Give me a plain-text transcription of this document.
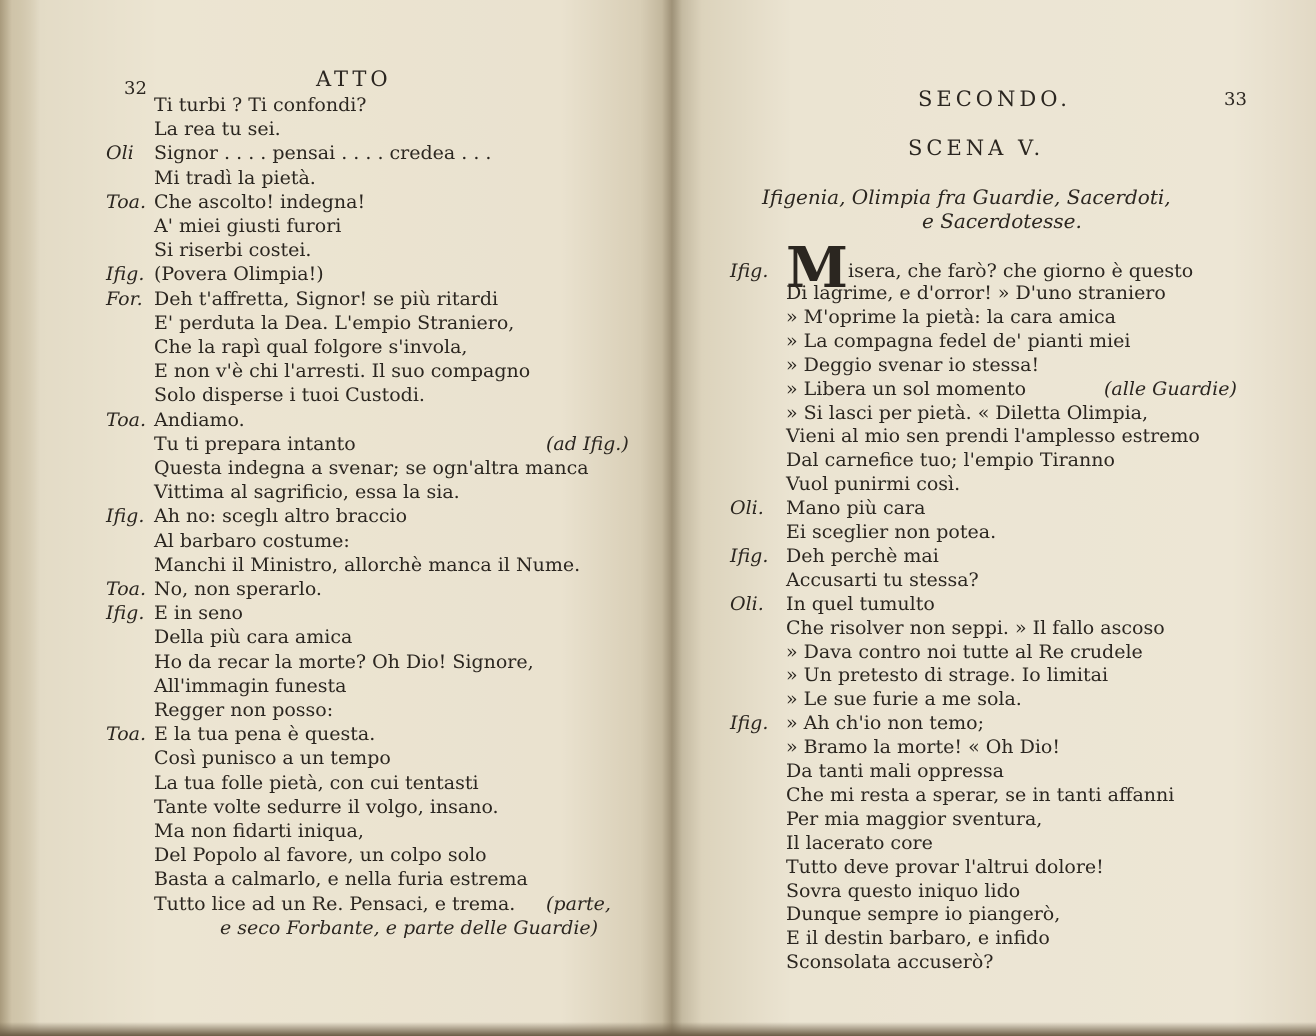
32	ATTO
Ti turbi ? Ti confondi?
La rea tu sei.
Oli Signor . . . . pensai . . . . credea . . .
Mi tradì la pietà.
Toa. Che ascolto! indegna!
A' miei giusti furori
Si riserbi costei.
Ifig. (Povera Olimpia!)
For. Deh t'affretta, Signor! se più ritardi
E' perduta la Dea. L'empio Straniero,
Che la rapì qual folgore s'invola,
E non v'è chi l'arresti. Il suo compagno
Solo disperse i tuoi Custodi.
Toa. Andiamo.
Tu ti prepara intanto	(ad Ifig.)
Questa indegna a svenar; se ogn'altra manca
Vittima al sagrificio, essa la sia.
Ifig. Ah no: sceglı altro braccio
Al barbaro costume:
Manchi il Ministro, allorchè manca il Nume.
Toa. No, non sperarlo.
Ifig. E in seno
Della più cara amica
Ho da recar la morte? Oh Dio! Signore,
All'immagin funesta
Regger non posso:
Toa. E la tua pena è questa.
Così punisco a un tempo
La tua folle pietà, con cui tentasti
Tante volte sedurre il volgo, insano.
Ma non fidarti iniqua,
Del Popolo al favore, un colpo solo
Basta a calmarlo, e nella furia estrema
Tutto lice ad un Re. Pensaci, e trema. (parte,
e seco Forbante, e parte delle Guardie)
SECONDO.	33
SCENA V.
Ifigenia, Olimpia fra Guardie, Sacerdoti,
e Sacerdotesse.
Ifig. Misera, che farò? che giorno è questo
Di lagrime, e d'orror! » D'uno straniero
» M'oprime la pietà: la cara amica
» La compagna fedel de' pianti miei
» Deggio svenar io stessa!
» Libera un sol momento	(alle Guardie)
» Si lasci per pietà. « Diletta Olimpia,
Vieni al mio sen prendi l'amplesso estremo
Dal carnefice tuo; l'empio Tiranno
Vuol punirmi così.
Oli. Mano più cara
Ei sceglier non potea.
Ifig. Deh perchè mai
Accusarti tu stessa?
Oli. In quel tumulto
Che risolver non seppi. » Il fallo ascoso
» Dava contro noi tutte al Re crudele
» Un pretesto di strage. Io limitai
» Le sue furie a me sola.
Ifig. » Ah ch'io non temo;
» Bramo la morte! « Oh Dio!
Da tanti mali oppressa
Che mi resta a sperar, se in tanti affanni
Per mia maggior sventura,
Il lacerato core
Tutto deve provar l'altrui dolore!
Sovra questo iniquo lido
Dunque sempre io piangerò,
E il destin barbaro, e infido
Sconsolata accuserò?
